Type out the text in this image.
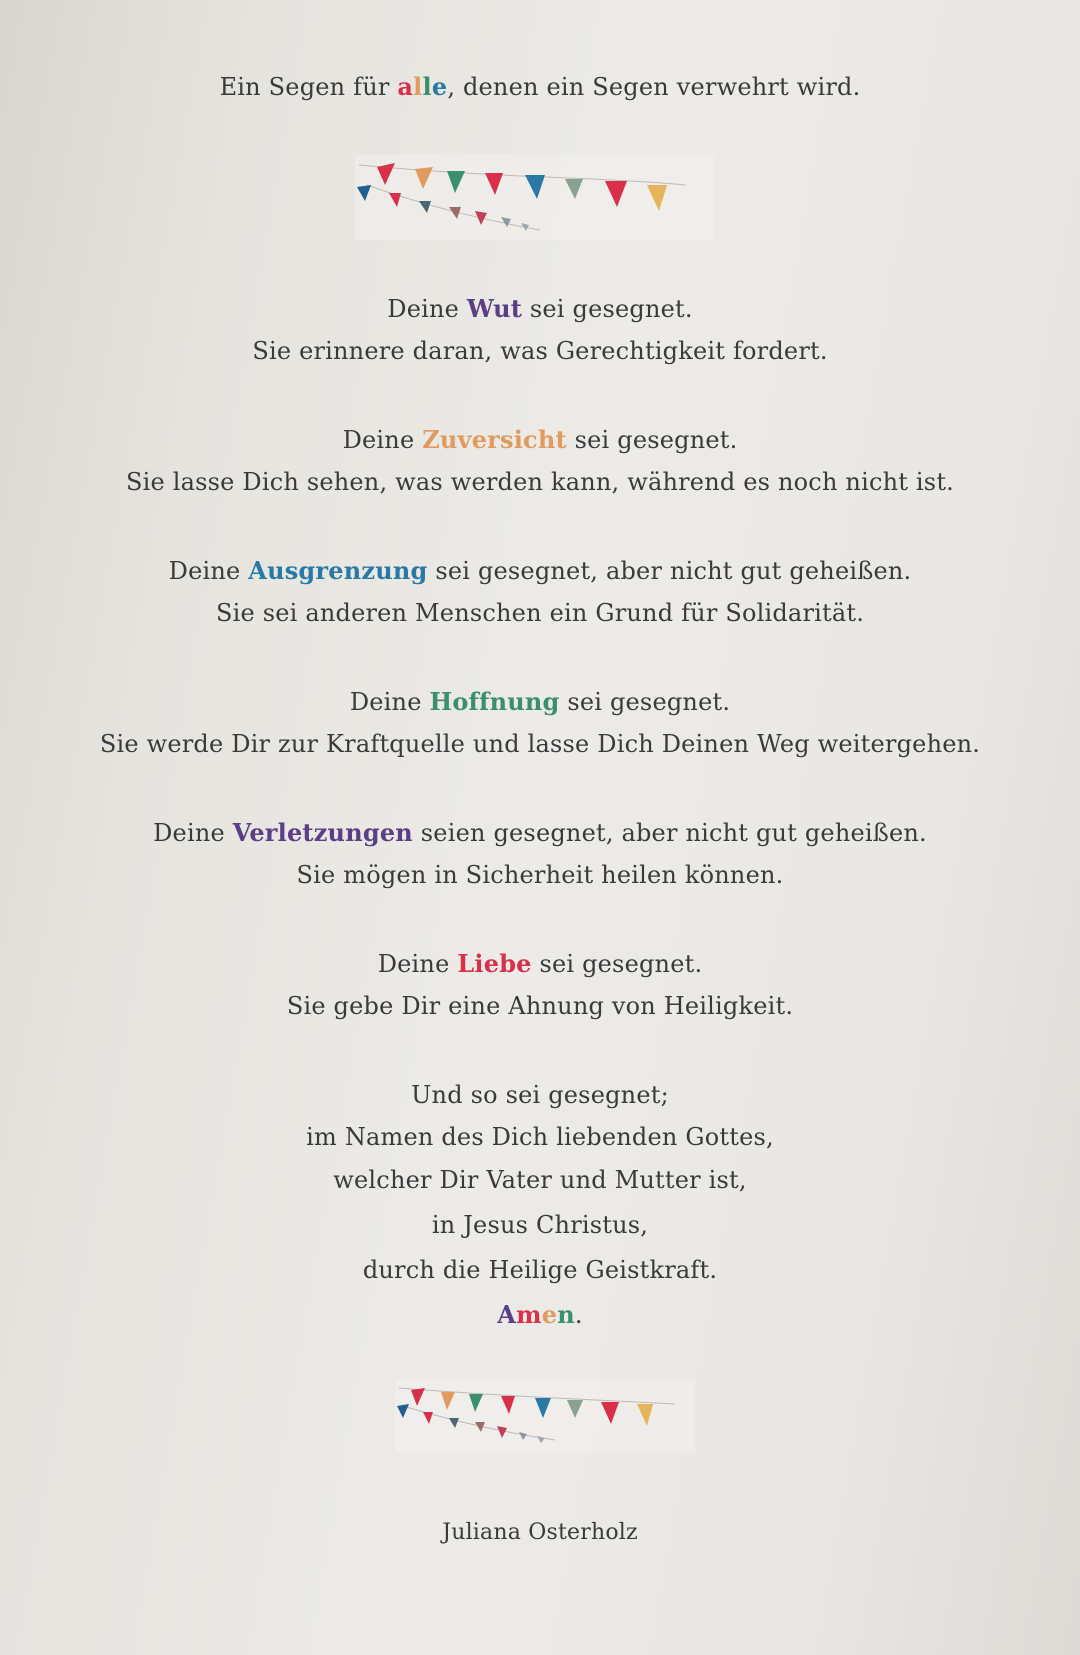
Ein Segen für alle, denen ein Segen verwehrt wird.
Deine Wut sei gesegnet.
Sie erinnere daran, was Gerechtigkeit fordert.
Deine Zuversicht sei gesegnet.
Sie lasse Dich sehen, was werden kann, während es noch nicht ist.
Deine Ausgrenzung sei gesegnet, aber nicht gut geheißen.
Sie sei anderen Menschen ein Grund für Solidarität.
Deine Hoffnung sei gesegnet.
Sie werde Dir zur Kraftquelle und lasse Dich Deinen Weg weitergehen.
Deine Verletzungen seien gesegnet, aber nicht gut geheißen.
Sie mögen in Sicherheit heilen können.
Deine Liebe sei gesegnet.
Sie gebe Dir eine Ahnung von Heiligkeit.
Und so sei gesegnet;
im Namen des Dich liebenden Gottes,
welcher Dir Vater und Mutter ist,
in Jesus Christus,
durch die Heilige Geistkraft.
Amen.
Juliana Osterholz
